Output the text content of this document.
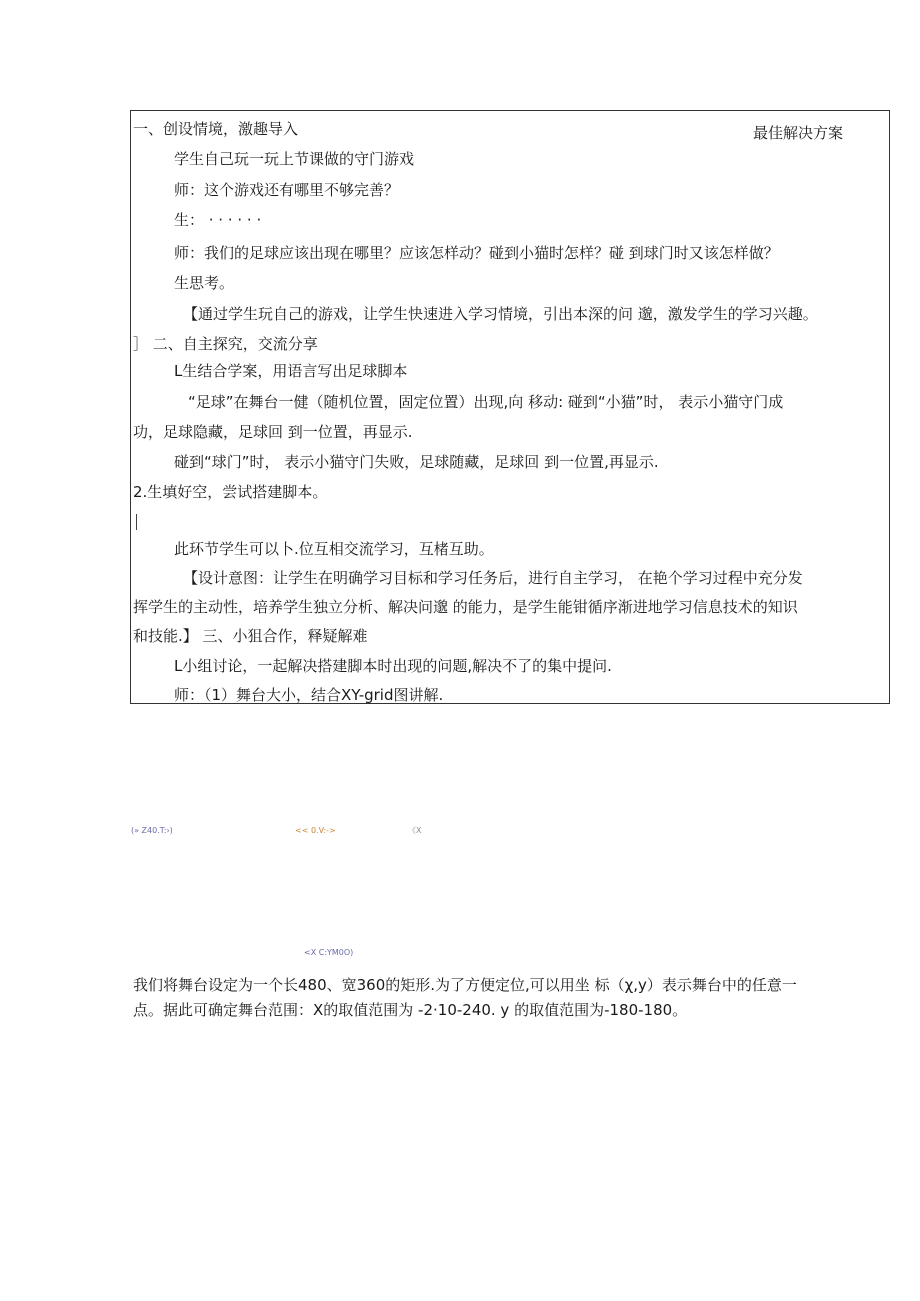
一、创设情境，激趣导入	最佳解决方案
学生自己玩一玩上节课做的守门游戏
师：这个游戏还有哪里不够完善？
生： · · · · · ·
师：我们的足球应该出现在哪里？应该怎样动？碰到小猫时怎样？碰 到球门时又该怎样做？
生思考。
【通过学生玩自己的游戏，让学生快速进入学习情境，引出本深的问 邈，激发学生的学习兴趣。
］ 二、自主探究，交流分享
L生结合学案，用语言写出足球脚本
“足球”在舞台一健（随机位置，固定位置）出现,向 移动: 碰到“小猫”时， 表示小猫守门成
功，足球隐藏，足球回 到一位置，再显示.
碰到“球门”时， 表示小猫守门失败，足球随藏，足球回 到一位置,再显示.
2.生填好空，尝试搭建脚本。
此环节学生可以卜.位互相交流学习，互楮互助。
【设计意图：让学生在明确学习目标和学习任务后，进行自主学习， 在艳个学习过程中充分发
挥学生的主动性，培养学生独立分析、解决问邈 的能力，是学生能钳循序渐进地学习信息技术的知识
和技能.】 三、小狙合作，释疑解难
L小组讨论，一起解决搭建脚本时出现的问题,解决不了的集中提问.
师：（1）舞台大小，结合XY-grid图讲解.
(» Z40.T:›)	<< 0.V:->	《X
<X C:YM0O)
我们将舞台设定为一个长480、宽360的矩形.为了方便定位,可以用坐 标（χ,y）表示舞台中的任意一
点。据此可确定舞台范围：X的取值范围为 -2·10-240. y 的取值范围为-180-180。
